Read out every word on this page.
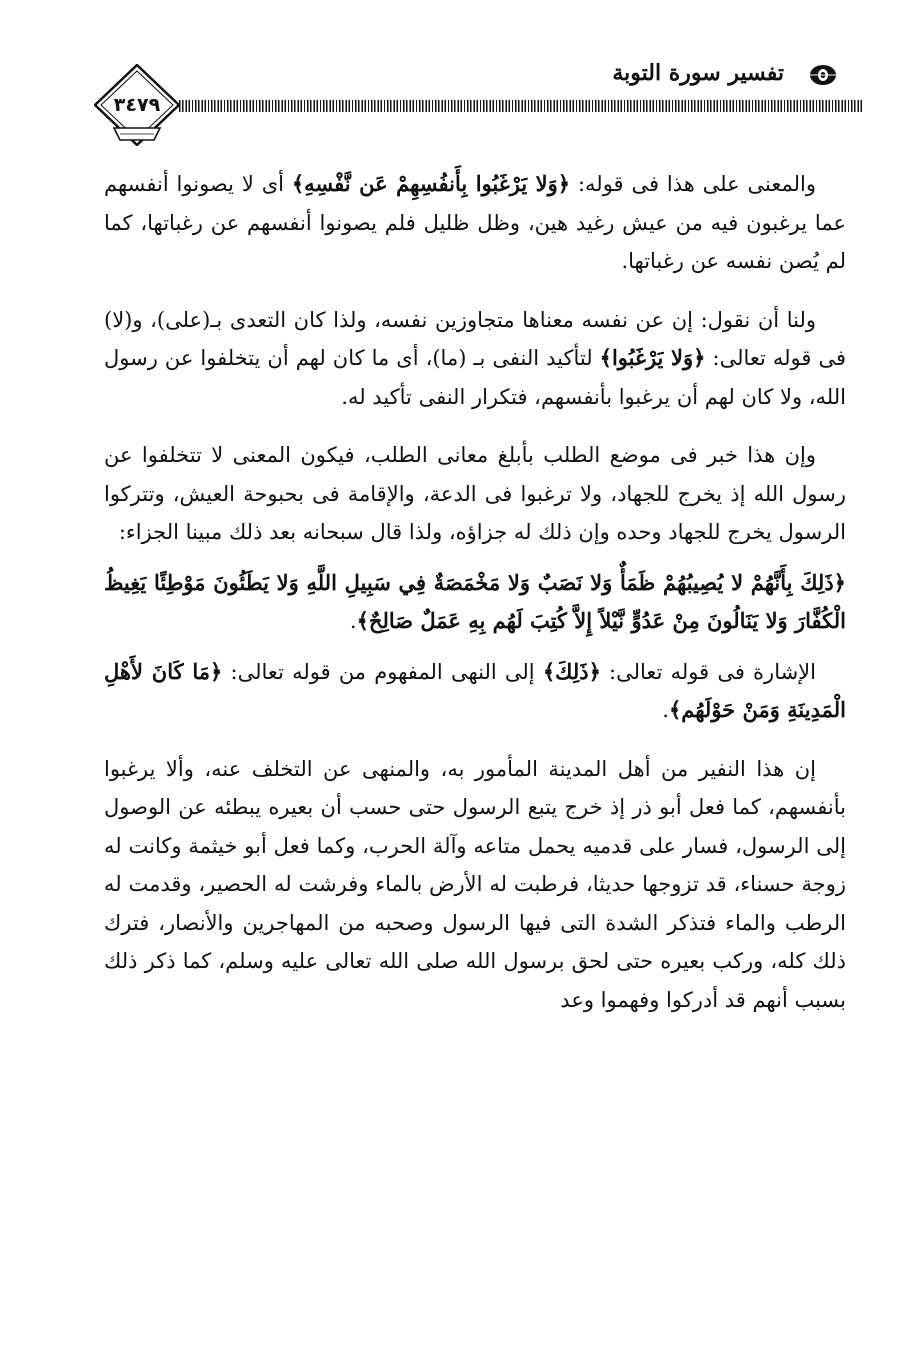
٣٤٧٩
تفسير سورة التوبة

والمعنى على هذا فى قوله: ﴿وَلا يَرْغَبُوا بِأَنفُسِهِمْ عَن نَّفْسِهِ﴾ أى لا يصونوا أنفسهم عما يرغبون فيه من عيش رغيد هين، وظل ظليل فلم يصونوا أنفسهم عن رغباتها، كما لم يُصن نفسه عن رغباتها.

ولنا أن نقول: إن عن نفسه معناها متجاوزين نفسه، ولذا كان التعدى بـ(على)، و(لا) فى قوله تعالى: ﴿وَلا يَرْغَبُوا﴾ لتأكيد النفى بـ (ما)، أى ما كان لهم أن يتخلفوا عن رسول الله، ولا كان لهم أن يرغبوا بأنفسهم، فتكرار النفى تأكيد له.

وإن هذا خبر فى موضع الطلب بأبلغ معانى الطلب، فيكون المعنى لا تتخلفوا عن رسول الله إذ يخرج للجهاد، ولا ترغبوا فى الدعة، والإقامة فى بحبوحة العيش، وتتركوا الرسول يخرج للجهاد وحده وإن ذلك له جزاؤه، ولذا قال سبحانه بعد ذلك مبينا الجزاء:

﴿ذَلِكَ بِأَنَّهُمْ لا يُصِيبُهُمْ ظَمَأٌ وَلا نَصَبٌ وَلا مَخْمَصَةٌ فِي سَبِيلِ اللَّهِ وَلا يَطَئُونَ مَوْطِئًا يَغِيظُ الْكُفَّارَ وَلا يَنَالُونَ مِنْ عَدُوٍّ نَّيْلاً إِلاَّ كُتِبَ لَهُم بِهِ عَمَلٌ صَالِحٌ﴾.

الإشارة فى قوله تعالى: ﴿ذَلِكَ﴾ إلى النهى المفهوم من قوله تعالى: ﴿مَا كَانَ لأَهْلِ الْمَدِينَةِ وَمَنْ حَوْلَهُم﴾.

إن هذا النفير من أهل المدينة المأمور به، والمنهى عن التخلف عنه، وألا يرغبوا بأنفسهم، كما فعل أبو ذر إذ خرج يتبع الرسول حتى حسب أن بعيره يبطئه عن الوصول إلى الرسول، فسار على قدميه يحمل متاعه وآلة الحرب، وكما فعل أبو خيثمة وكانت له زوجة حسناء، قد تزوجها حديثا، فرطبت له الأرض بالماء وفرشت له الحصير، وقدمت له الرطب والماء فتذكر الشدة التى فيها الرسول وصحبه من المهاجرين والأنصار، فترك ذلك كله، وركب بعيره حتى لحق برسول الله صلى الله تعالى عليه وسلم، كما ذكر ذلك بسبب أنهم قد أدركوا وفهموا وعد
